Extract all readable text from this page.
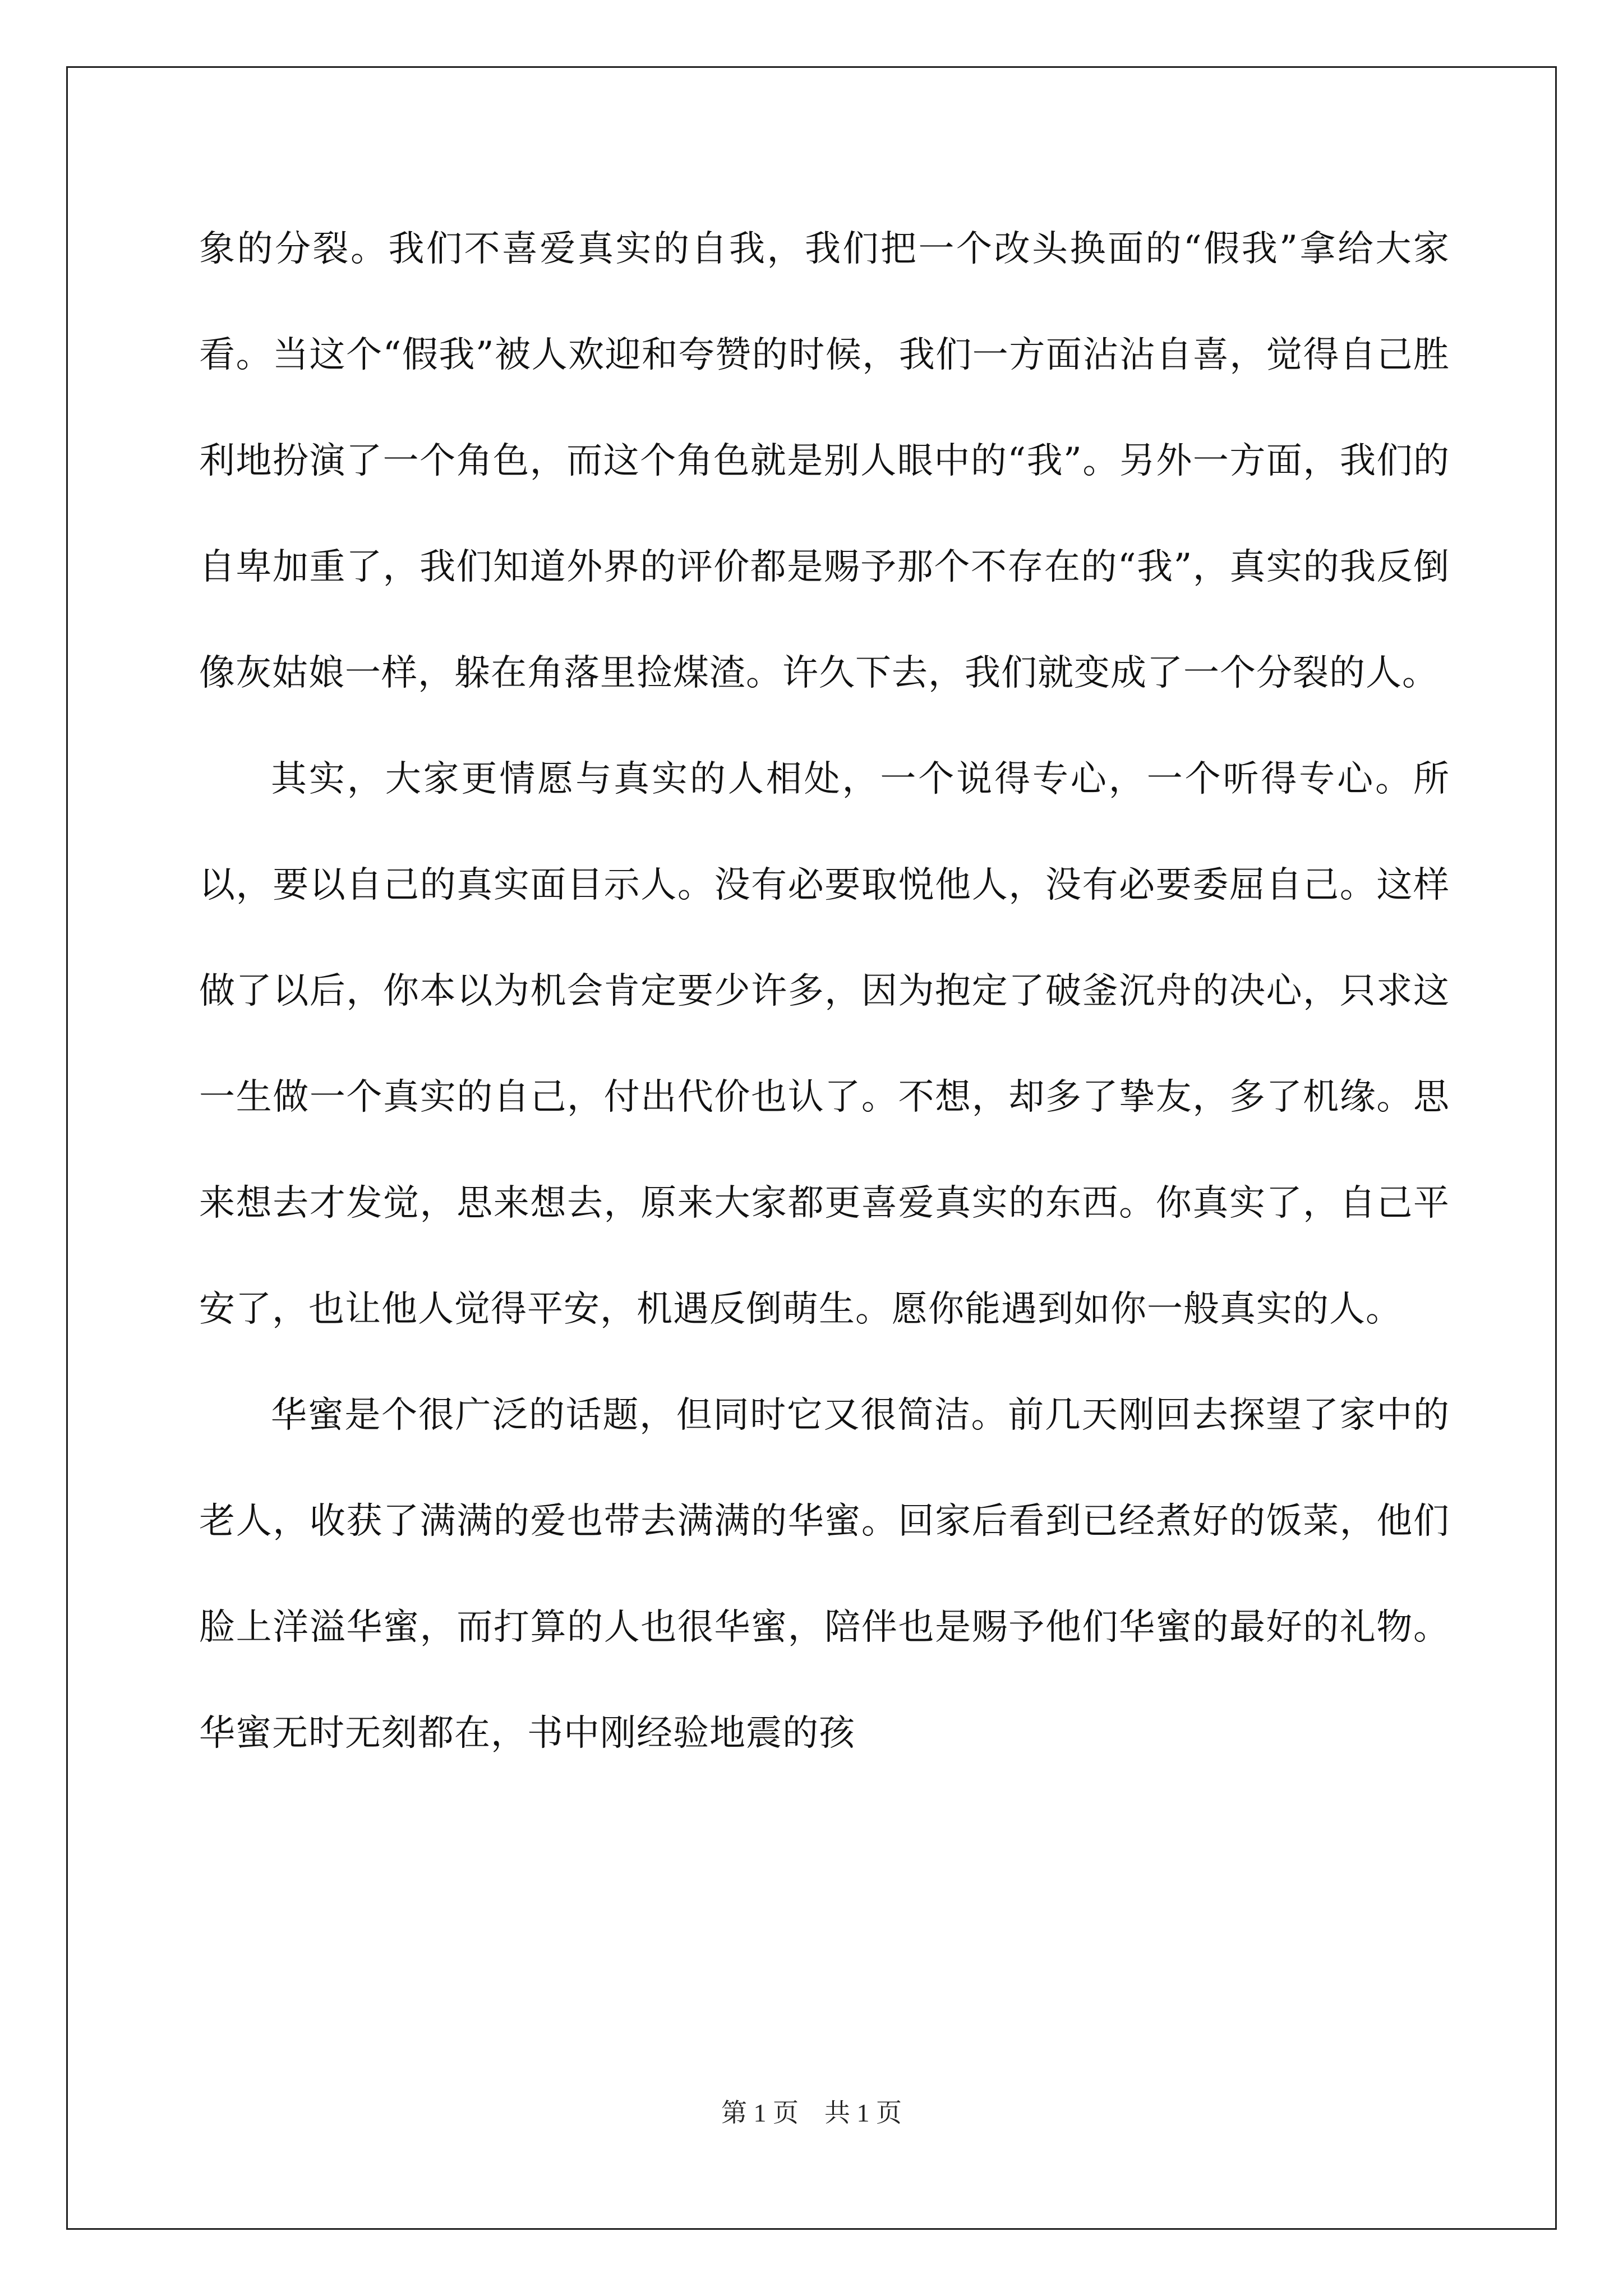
象的分裂。我们不喜爱真实的自我，我们把一个改头换面的“假我”拿给大家看。当这个“假我”被人欢迎和夸赞的时候，我们一方面沾沾自喜，觉得自己胜利地扮演了一个角色，而这个角色就是别人眼中的“我”。另外一方面，我们的自卑加重了，我们知道外界的评价都是赐予那个不存在的“我”，真实的我反倒像灰姑娘一样，躲在角落里捡煤渣。许久下去，我们就变成了一个分裂的人。

其实，大家更情愿与真实的人相处，一个说得专心，一个听得专心。所以，要以自己的真实面目示人。没有必要取悦他人，没有必要委屈自己。这样做了以后，你本以为机会肯定要少许多，因为抱定了破釜沉舟的决心，只求这一生做一个真实的自己，付出代价也认了。不想，却多了挚友，多了机缘。思来想去才发觉，思来想去，原来大家都更喜爱真实的东西。你真实了，自己平安了，也让他人觉得平安，机遇反倒萌生。愿你能遇到如你一般真实的人。

华蜜是个很广泛的话题，但同时它又很简洁。前几天刚回去探望了家中的老人，收获了满满的爱也带去满满的华蜜。回家后看到已经煮好的饭菜，他们脸上洋溢华蜜，而打算的人也很华蜜，陪伴也是赐予他们华蜜的最好的礼物。华蜜无时无刻都在，书中刚经验地震的孩

第 1 页    共 1 页
